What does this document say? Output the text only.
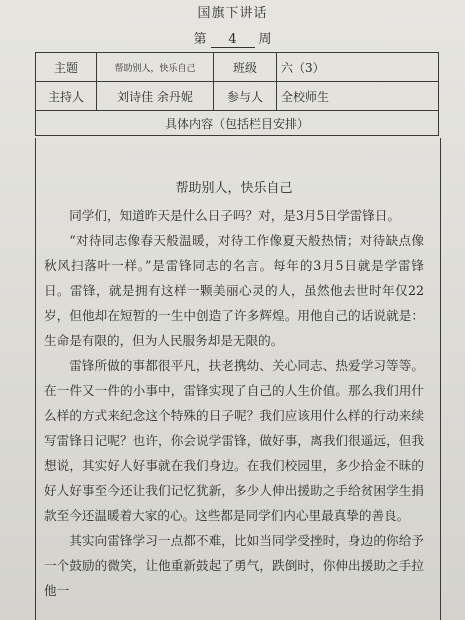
国旗下讲话
第 4 周
主题	帮助别人，快乐自己	班级	六（3）
主持人	刘诗佳 余丹妮	参与人	全校师生
具体内容（包括栏目安排）			
帮助别人，快乐自己

同学们，知道昨天是什么日子吗？对，是3月5日学雷锋日。

“对待同志像春天般温暖，对待工作像夏天般热情；对待缺点像秋风扫落叶一样。”是雷锋同志的名言。每年的3月5日就是学雷锋日。雷锋，就是拥有这样一颗美丽心灵的人，虽然他去世时年仅22岁，但他却在短暂的一生中创造了许多辉煌。用他自己的话说就是：生命是有限的，但为人民服务却是无限的。

雷锋所做的事都很平凡，扶老携幼、关心同志、热爱学习等等。在一件又一件的小事中，雷锋实现了自己的人生价值。那么我们用什么样的方式来纪念这个特殊的日子呢？我们应该用什么样的行动来续写雷锋日记呢？也许，你会说学雷锋，做好事，离我们很遥远，但我想说，其实好人好事就在我们身边。在我们校园里，多少拾金不昧的好人好事至今还让我们记忆犹新，多少人伸出援助之手给贫困学生捐款至今还温暖着大家的心。这些都是同学们内心里最真挚的善良。

其实向雷锋学习一点都不难，比如当同学受挫时，身边的你给予一个鼓励的微笑，让他重新鼓起了勇气，跌倒时，你伸出援助之手拉他一
